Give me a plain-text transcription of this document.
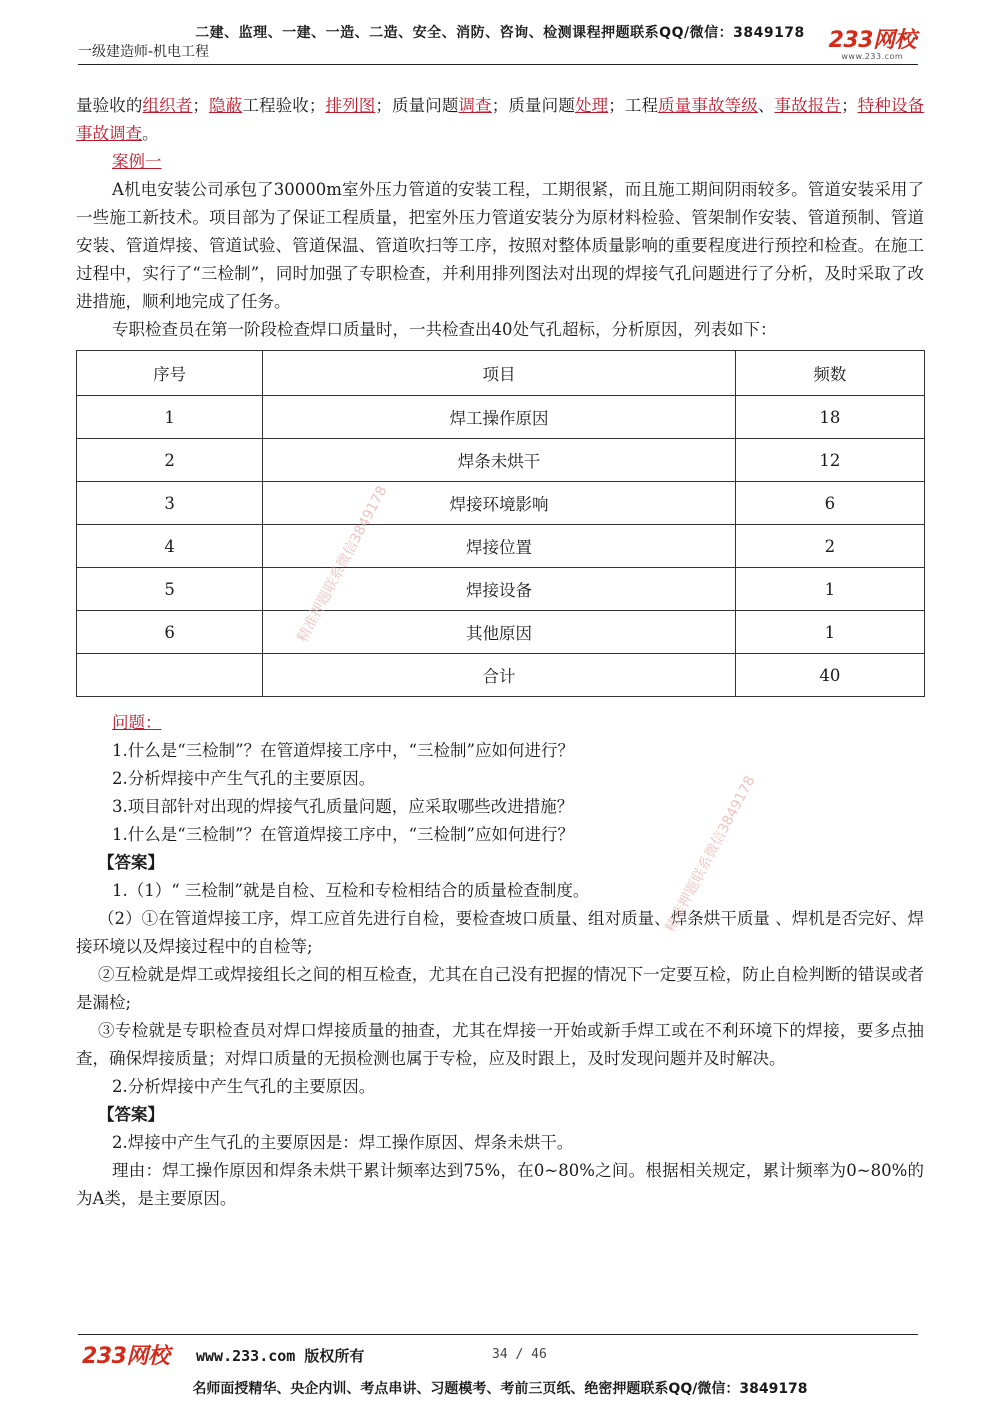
二建、监理、一建、一造、二造、安全、消防、咨询、检测课程押题联系QQ/微信：3849178
一级建造师-机电工程	233网校
www.233.com

量验收的组织者；隐蔽工程验收；排列图；质量问题调查；质量问题处理；工程质量事故等级、事故报告；特种设备事故调查。

案例一

A机电安装公司承包了30000m室外压力管道的安装工程，工期很紧，而且施工期间阴雨较多。管道安装采用了一些施工新技术。项目部为了保证工程质量，把室外压力管道安装分为原材料检验、管架制作安装、管道预制、管道安装、管道焊接、管道试验、管道保温、管道吹扫等工序，按照对整体质量影响的重要程度进行预控和检查。在施工过程中，实行了“三检制”，同时加强了专职检查，并利用排列图法对出现的焊接气孔问题进行了分析，及时采取了改进措施，顺利地完成了任务。

专职检查员在第一阶段检查焊口质量时，一共检查出40处气孔超标，分析原因，列表如下：

序号	项目	频数
1	焊工操作原因	18
2	焊条未烘干	12
3	焊接环境影响	6
4	焊接位置	2
5	焊接设备	1
6	其他原因	1
	合计	40

问题：

1.什么是“三检制”？在管道焊接工序中，“三检制”应如何进行？

2.分析焊接中产生气孔的主要原因。

3.项目部针对出现的焊接气孔质量问题，应采取哪些改进措施？

1.什么是“三检制”？在管道焊接工序中，“三检制”应如何进行？

【答案】

1.（1）“ 三检制”就是自检、互检和专检相结合的质量检查制度。

（2）①在管道焊接工序，焊工应首先进行自检，要检查坡口质量、组对质量、焊条烘干质量 、焊机是否完好、焊接环境以及焊接过程中的自检等;

②互检就是焊工或焊接组长之间的相互检查，尤其在自己没有把握的情况下一定要互检，防止自检判断的错误或者是漏检;

③专检就是专职检查员对焊口焊接质量的抽查，尤其在焊接一开始或新手焊工或在不利环境下的焊接，要多点抽查，确保焊接质量；对焊口质量的无损检测也属于专检，应及时跟上，及时发现问题并及时解决。

2.分析焊接中产生气孔的主要原因。

【答案】

2.焊接中产生气孔的主要原因是：焊工操作原因、焊条未烘干。

理由：焊工操作原因和焊条未烘干累计频率达到75%，在0~80%之间。根据相关规定，累计频率为0~80%的为A类，是主要原因。

精准押题联系微信3849178
精准押题联系微信3849178
233网校 www.233.com 版权所有	34 / 46
名师面授精华、央企内训、考点串讲、习题模考、考前三页纸、绝密押题联系QQ/微信：3849178
